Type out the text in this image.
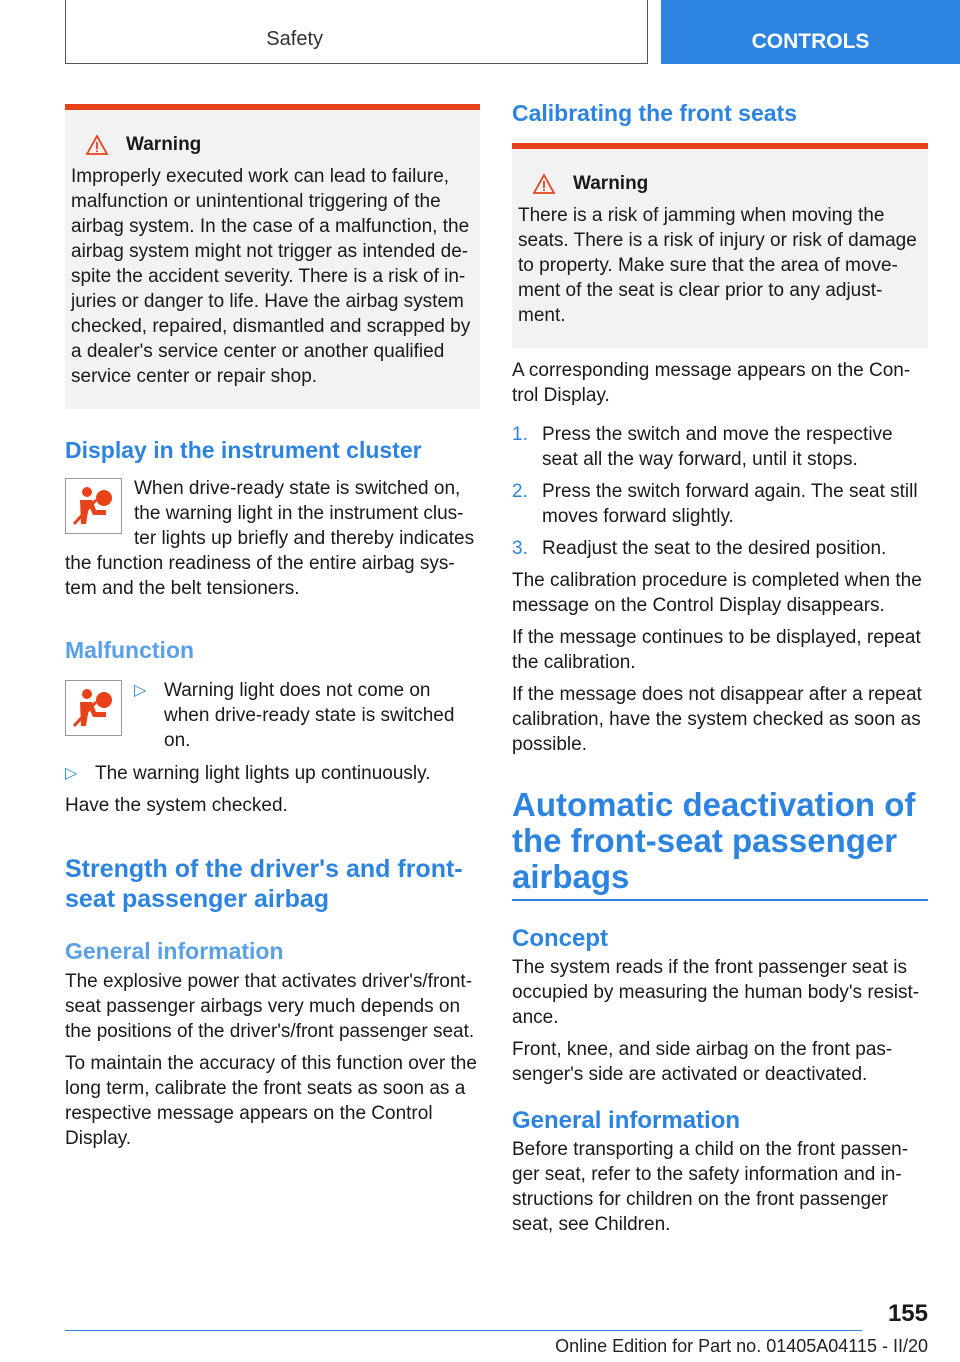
Safety	CONTROLS
Warning

Improperly executed work can lead to failure, malfunction or unintentional triggering of the airbag system. In the case of a malfunction, the airbag system might not trigger as intended de‐spite the accident severity. There is a risk of in‐juries or danger to life. Have the airbag system checked, repaired, dismantled and scrapped by a dealer's service center or another qualified service center or repair shop.

Display in the instrument cluster

When drive-ready state is switched on, the warning light in the instrument clus‐ter lights up briefly and thereby indicates the function readiness of the entire airbag sys‐tem and the belt tensioners.

Malfunction
▷ Warning light does not come on when drive-ready state is switched on.
▷ The warning light lights up continuously.

Have the system checked.

Strength of the driver's and front-seat passenger airbag
General information

The explosive power that activates driver's/front-seat passenger airbags very much depends on the positions of the driver's/front passenger seat.

To maintain the accuracy of this function over the long term, calibrate the front seats as soon as a respective message appears on the Control Display.

Calibrating the front seats
Warning

There is a risk of jamming when moving the seats. There is a risk of injury or risk of damage to property. Make sure that the area of move‐ment of the seat is clear prior to any adjust‐ment.

A corresponding message appears on the Con‐trol Display.

1. Press the switch and move the respective seat all the way forward, until it stops.
2. Press the switch forward again. The seat still moves forward slightly.
3. Readjust the seat to the desired position.

The calibration procedure is completed when the message on the Control Display disappears.

If the message continues to be displayed, repeat the calibration.

If the message does not disappear after a repeat calibration, have the system checked as soon as possible.

Automatic deactivation of the front-seat passenger airbags
Concept

The system reads if the front passenger seat is occupied by measuring the human body's resist‐ance.

Front, knee, and side airbag on the front pas‐senger's side are activated or deactivated.

General information

Before transporting a child on the front passen‐ger seat, refer to the safety information and in‐structions for children on the front passenger seat, see Children.

155
Online Edition for Part no. 01405A04115 - II/20
